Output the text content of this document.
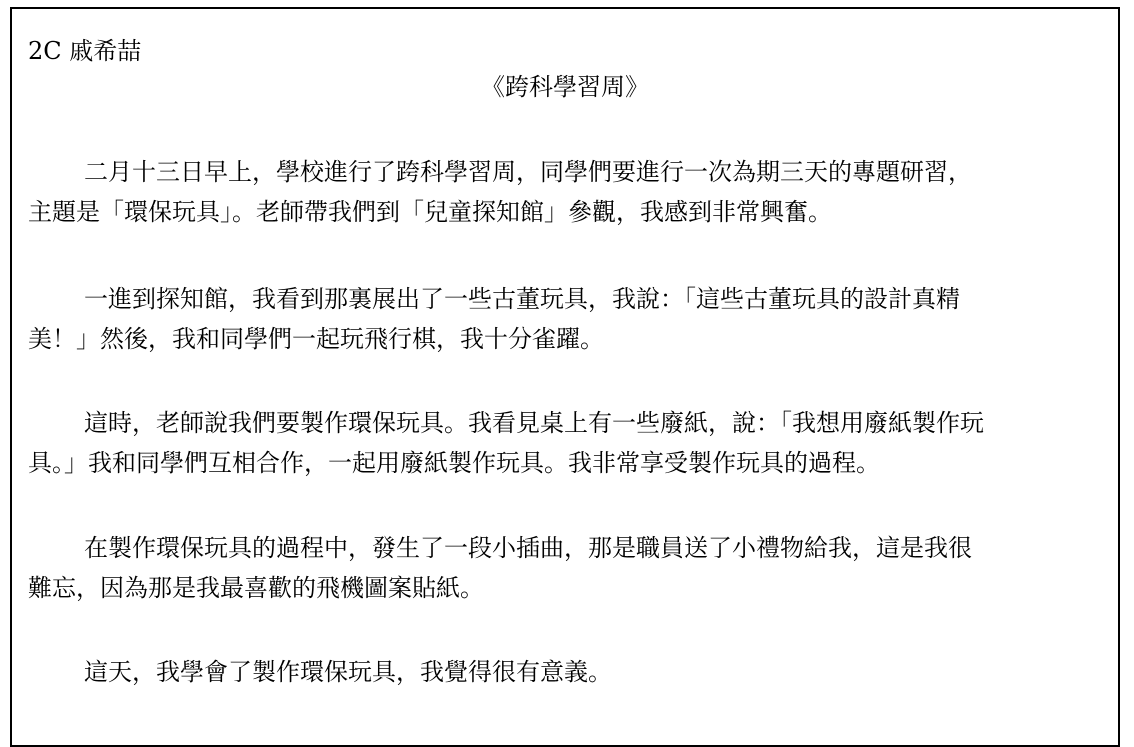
2C 戚希喆
《跨科學習周》
二月十三日早上，學校進行了跨科學習周，同學們要進行一次為期三天的專題研習，
主題是「環保玩具」。老師帶我們到「兒童探知館」參觀，我感到非常興奮。
一進到探知館，我看到那裏展出了一些古董玩具，我說：「這些古董玩具的設計真精
美！」然後，我和同學們一起玩飛行棋，我十分雀躍。
這時，老師說我們要製作環保玩具。我看見桌上有一些廢紙，說：「我想用廢紙製作玩
具。」我和同學們互相合作，一起用廢紙製作玩具。我非常享受製作玩具的過程。
在製作環保玩具的過程中，發生了一段小插曲，那是職員送了小禮物給我，這是我很
難忘，因為那是我最喜歡的飛機圖案貼紙。
這天，我學會了製作環保玩具，我覺得很有意義。
